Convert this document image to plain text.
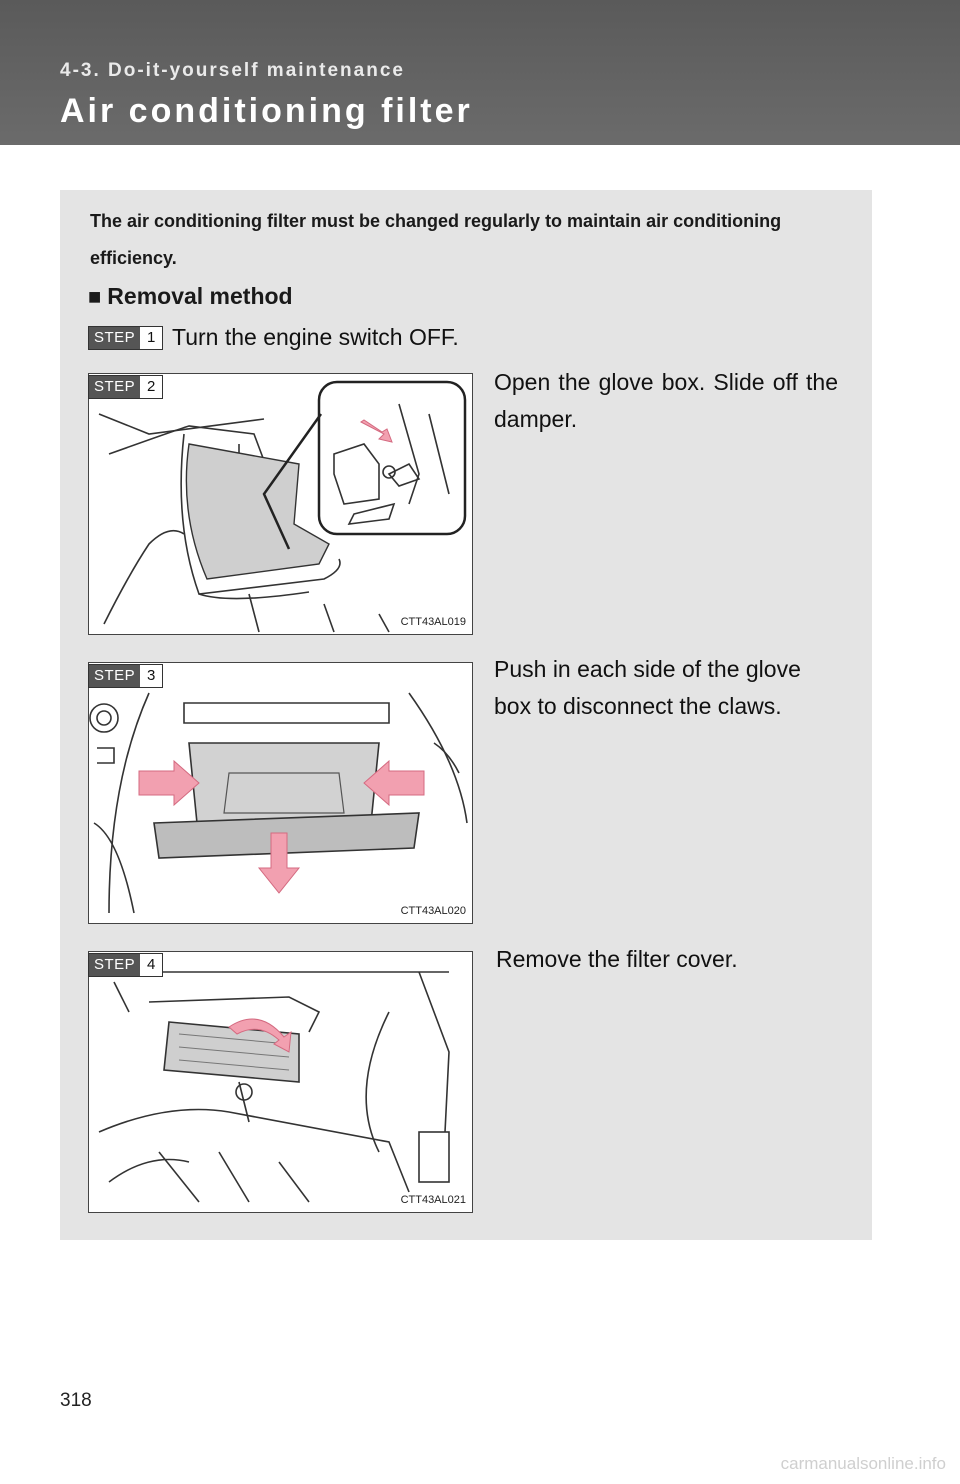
4-3. Do-it-yourself maintenance
Air conditioning filter
The air conditioning filter must be changed regularly to maintain air conditioning efficiency.
■ Removal method
STEP 1 Turn the engine switch OFF.
CTT43AL019
STEP 2	Open the glove box. Slide off the damper.
CTT43AL020
STEP 3	Push in each side of the glove box to disconnect the claws.
CTT43AL021
STEP 4	Remove the filter cover.
318
carmanualsonline.info
